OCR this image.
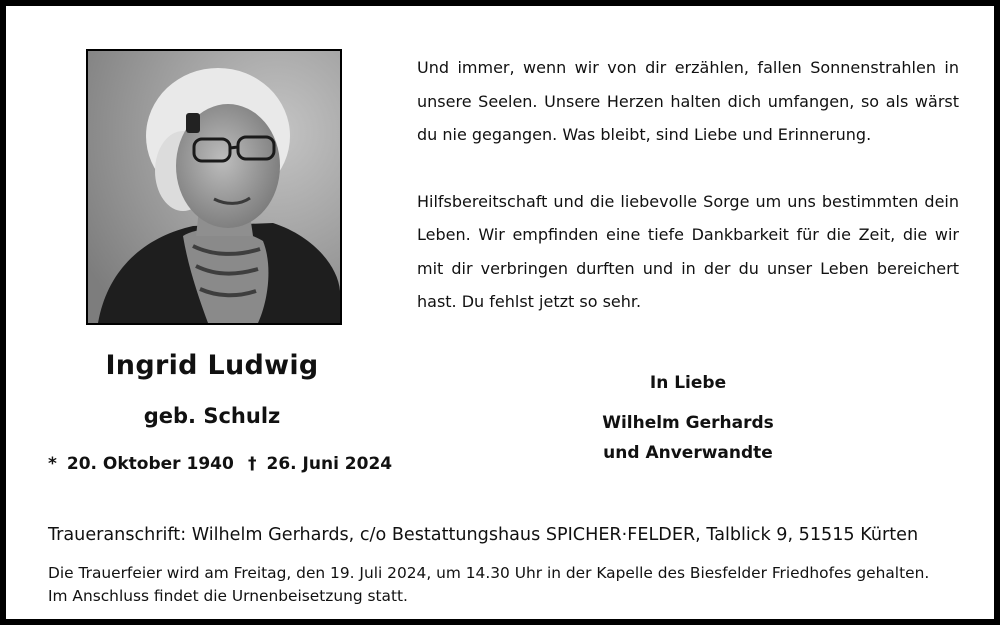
Ingrid Ludwig
geb. Schulz
* 20. Oktober 1940 † 26. Juni 2024

Und immer, wenn wir von dir erzählen, fallen Sonnenstrahlen in unsere Seelen. Unsere Herzen halten dich umfangen, so als wärst du nie gegangen. Was bleibt, sind Liebe und Erinnerung.

Hilfsbereitschaft und die liebevolle Sorge um uns bestimmten dein Leben. Wir empfinden eine tiefe Dankbarkeit für die Zeit, die wir mit dir verbringen durften und in der du unser Leben bereichert hast. Du fehlst jetzt so sehr.

In Liebe
Wilhelm Gerhards
und Anverwandte
Traueranschrift: Wilhelm Gerhards, c/o Bestattungshaus SPICHER·FELDER, Talblick 9, 51515 Kürten
Die Trauerfeier wird am Freitag, den 19. Juli 2024, um 14.30 Uhr in der Kapelle des Biesfelder Friedhofes gehalten.
Im Anschluss findet die Urnenbeisetzung statt.
